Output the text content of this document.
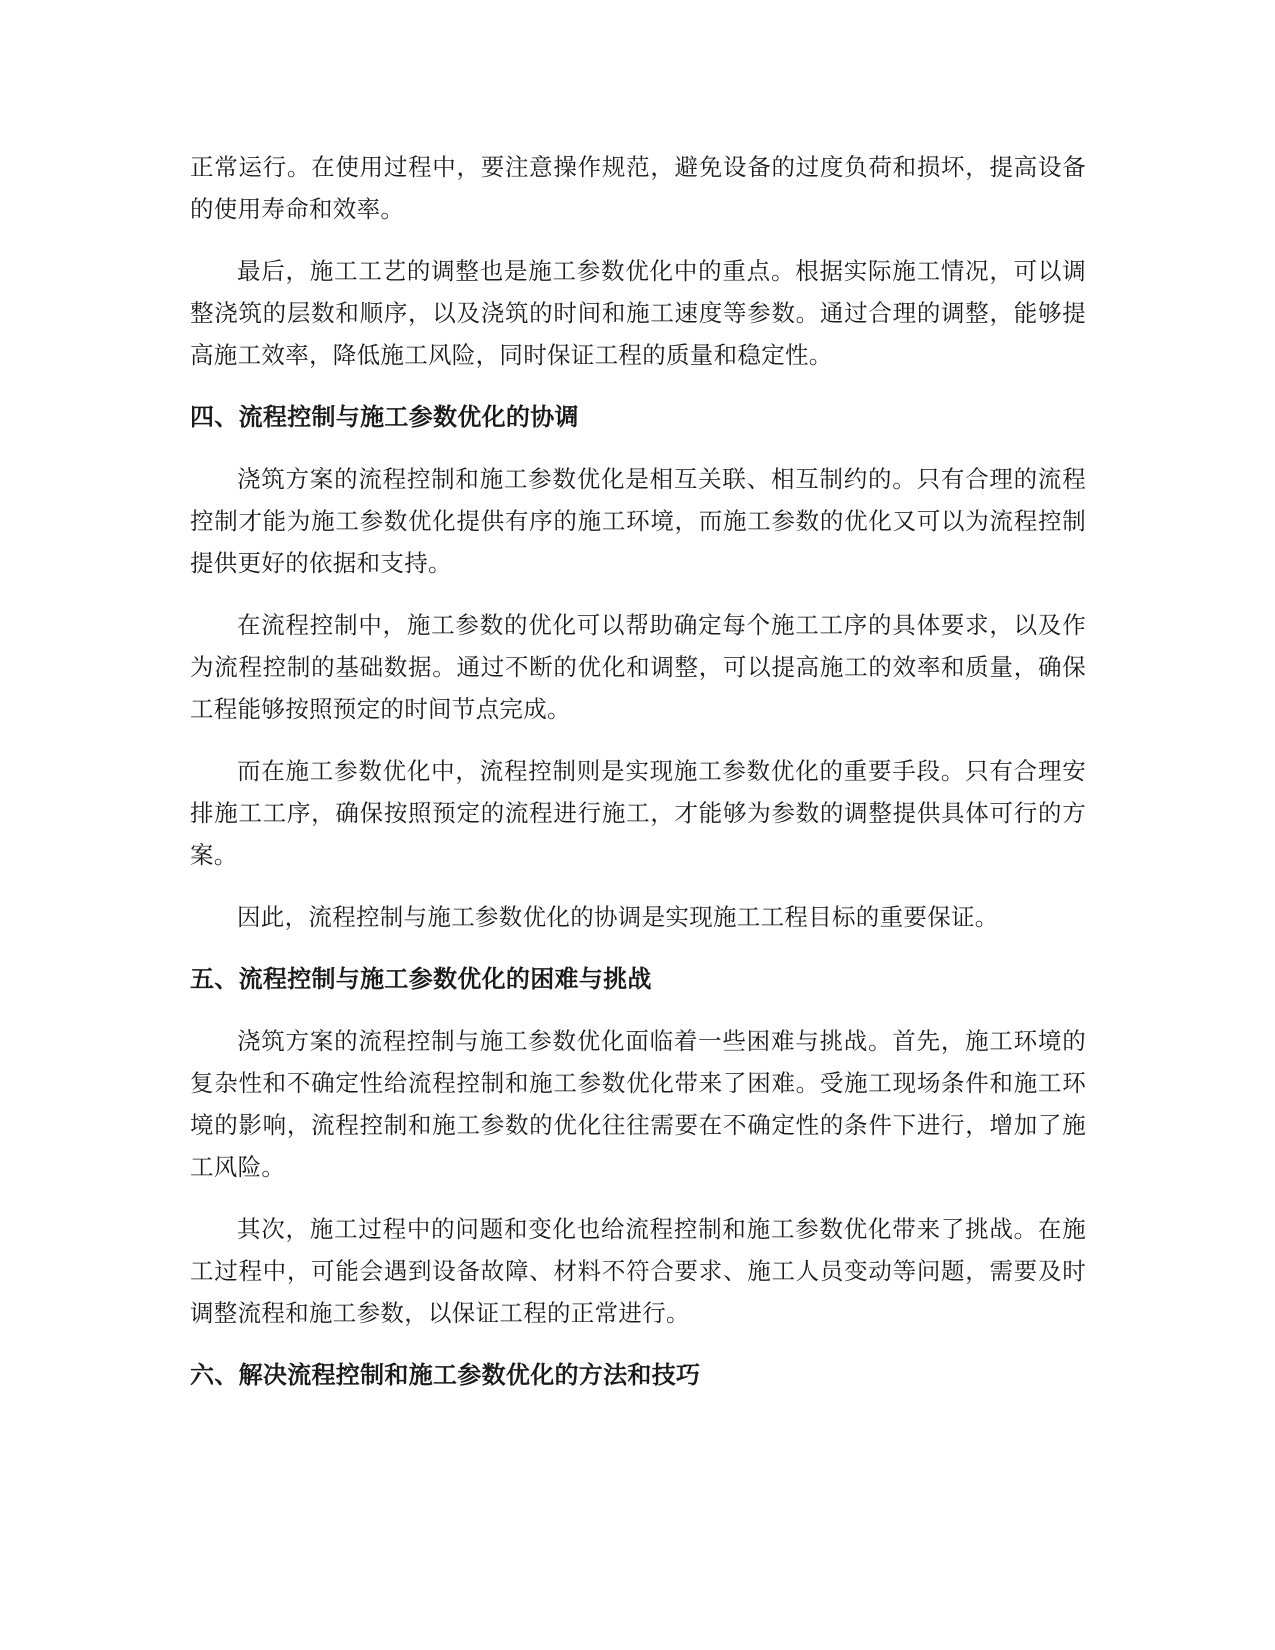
正常运行。在使用过程中，要注意操作规范，避免设备的过度负荷和损坏，提高设备的使用寿命和效率。

最后，施工工艺的调整也是施工参数优化中的重点。根据实际施工情况，可以调整浇筑的层数和顺序，以及浇筑的时间和施工速度等参数。通过合理的调整，能够提高施工效率，降低施工风险，同时保证工程的质量和稳定性。

四、流程控制与施工参数优化的协调

浇筑方案的流程控制和施工参数优化是相互关联、相互制约的。只有合理的流程控制才能为施工参数优化提供有序的施工环境，而施工参数的优化又可以为流程控制提供更好的依据和支持。

在流程控制中，施工参数的优化可以帮助确定每个施工工序的具体要求，以及作为流程控制的基础数据。通过不断的优化和调整，可以提高施工的效率和质量，确保工程能够按照预定的时间节点完成。

而在施工参数优化中，流程控制则是实现施工参数优化的重要手段。只有合理安排施工工序，确保按照预定的流程进行施工，才能够为参数的调整提供具体可行的方案。

因此，流程控制与施工参数优化的协调是实现施工工程目标的重要保证。

五、流程控制与施工参数优化的困难与挑战

浇筑方案的流程控制与施工参数优化面临着一些困难与挑战。首先，施工环境的复杂性和不确定性给流程控制和施工参数优化带来了困难。受施工现场条件和施工环境的影响，流程控制和施工参数的优化往往需要在不确定性的条件下进行，增加了施工风险。

其次，施工过程中的问题和变化也给流程控制和施工参数优化带来了挑战。在施工过程中，可能会遇到设备故障、材料不符合要求、施工人员变动等问题，需要及时调整流程和施工参数，以保证工程的正常进行。

六、解决流程控制和施工参数优化的方法和技巧
